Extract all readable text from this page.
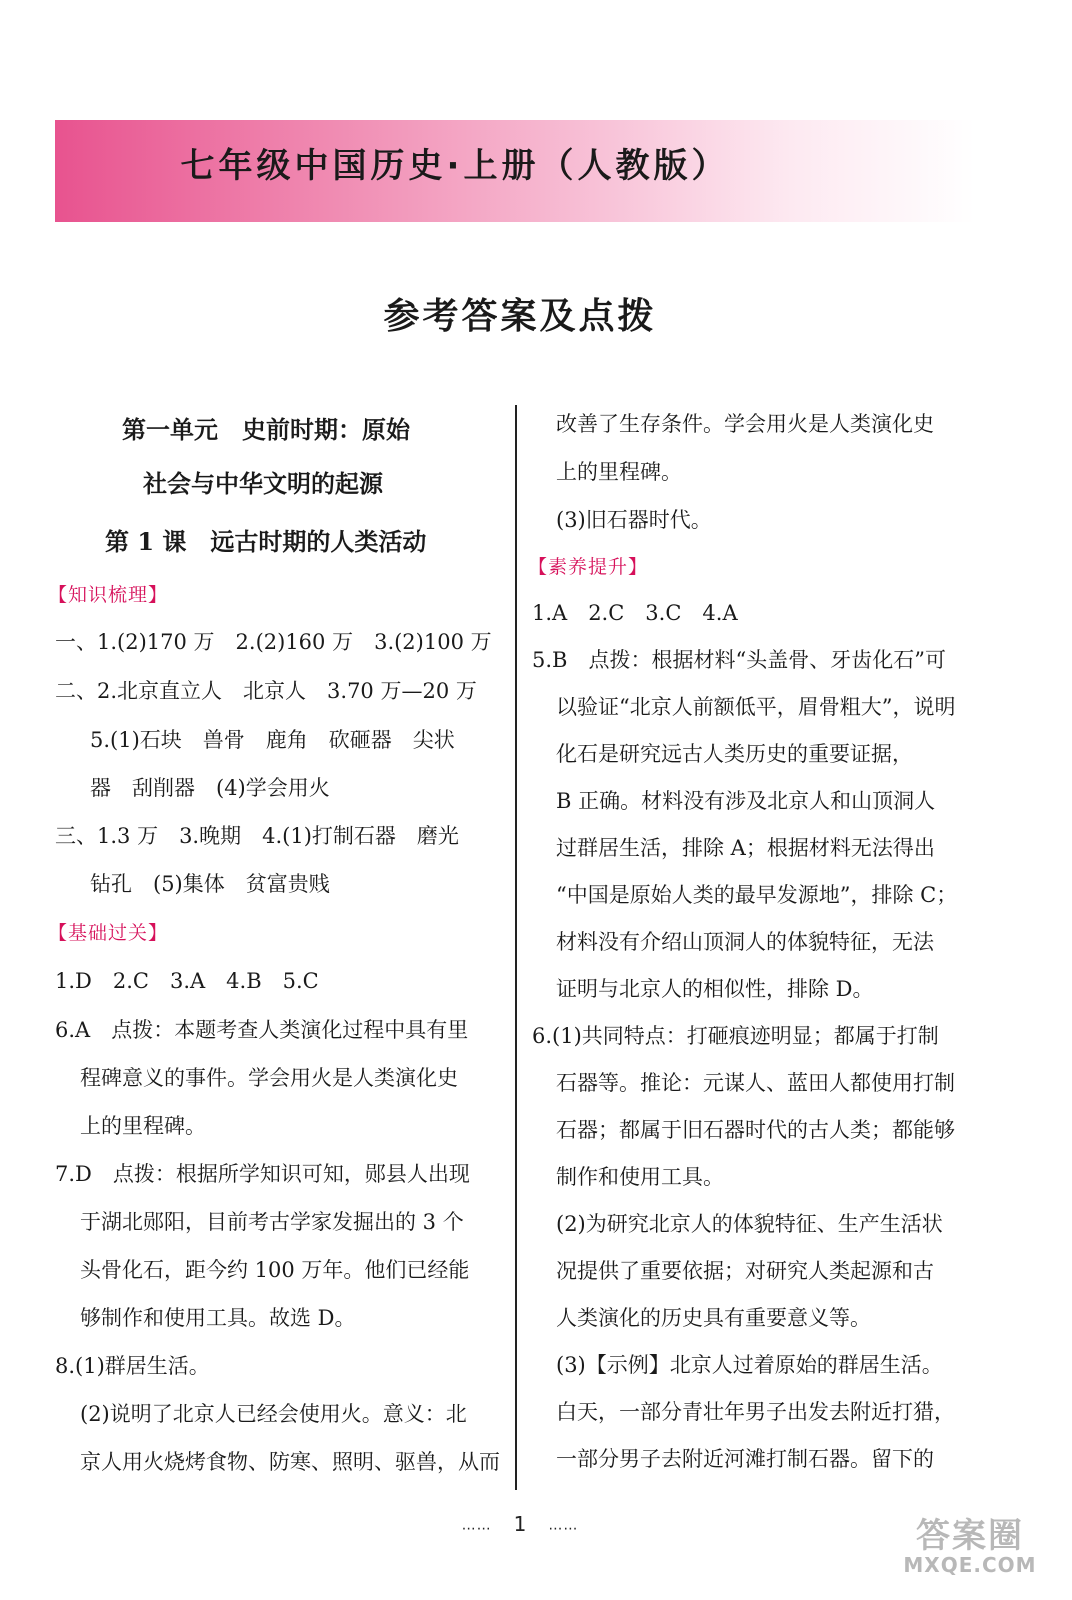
七年级中国历史·上册（人教版）
参考答案及点拨
第一单元　史前时期：原始
社会与中华文明的起源
第 1 课　远古时期的人类活动
【知识梳理】
一、1.(2)170 万　2.(2)160 万　3.(2)100 万
二、2.北京直立人　北京人　3.70 万—20 万
5.(1)石块　兽骨　鹿角　砍砸器　尖状
器　刮削器　(4)学会用火
三、1.3 万　3.晚期　4.(1)打制石器　磨光
钻孔　(5)集体　贫富贵贱
【基础过关】
1.D　2.C　3.A　4.B　5.C
6.A　点拨：本题考查人类演化过程中具有里
程碑意义的事件。学会用火是人类演化史
上的里程碑。
7.D　点拨：根据所学知识可知，郧县人出现
于湖北郧阳，目前考古学家发掘出的 3 个
头骨化石，距今约 100 万年。他们已经能
够制作和使用工具。故选 D。
8.(1)群居生活。
(2)说明了北京人已经会使用火。意义：北
京人用火烧烤食物、防寒、照明、驱兽，从而
改善了生存条件。学会用火是人类演化史
上的里程碑。
(3)旧石器时代。
【素养提升】
1.A　2.C　3.C　4.A
5.B　点拨：根据材料“头盖骨、牙齿化石”可
以验证“北京人前额低平，眉骨粗大”，说明
化石是研究远古人类历史的重要证据，
B 正确。材料没有涉及北京人和山顶洞人
过群居生活，排除 A；根据材料无法得出
“中国是原始人类的最早发源地”，排除 C；
材料没有介绍山顶洞人的体貌特征，无法
证明与北京人的相似性，排除 D。
6.(1)共同特点：打砸痕迹明显；都属于打制
石器等。推论：元谋人、蓝田人都使用打制
石器；都属于旧石器时代的古人类；都能够
制作和使用工具。
(2)为研究北京人的体貌特征、生产生活状
况提供了重要依据；对研究人类起源和古
人类演化的历史具有重要意义等。
(3)【示例】北京人过着原始的群居生活。
白天，一部分青壮年男子出发去附近打猎，
一部分男子去附近河滩打制石器。留下的
…… 1 ……	答案圈
MXQE.COM
